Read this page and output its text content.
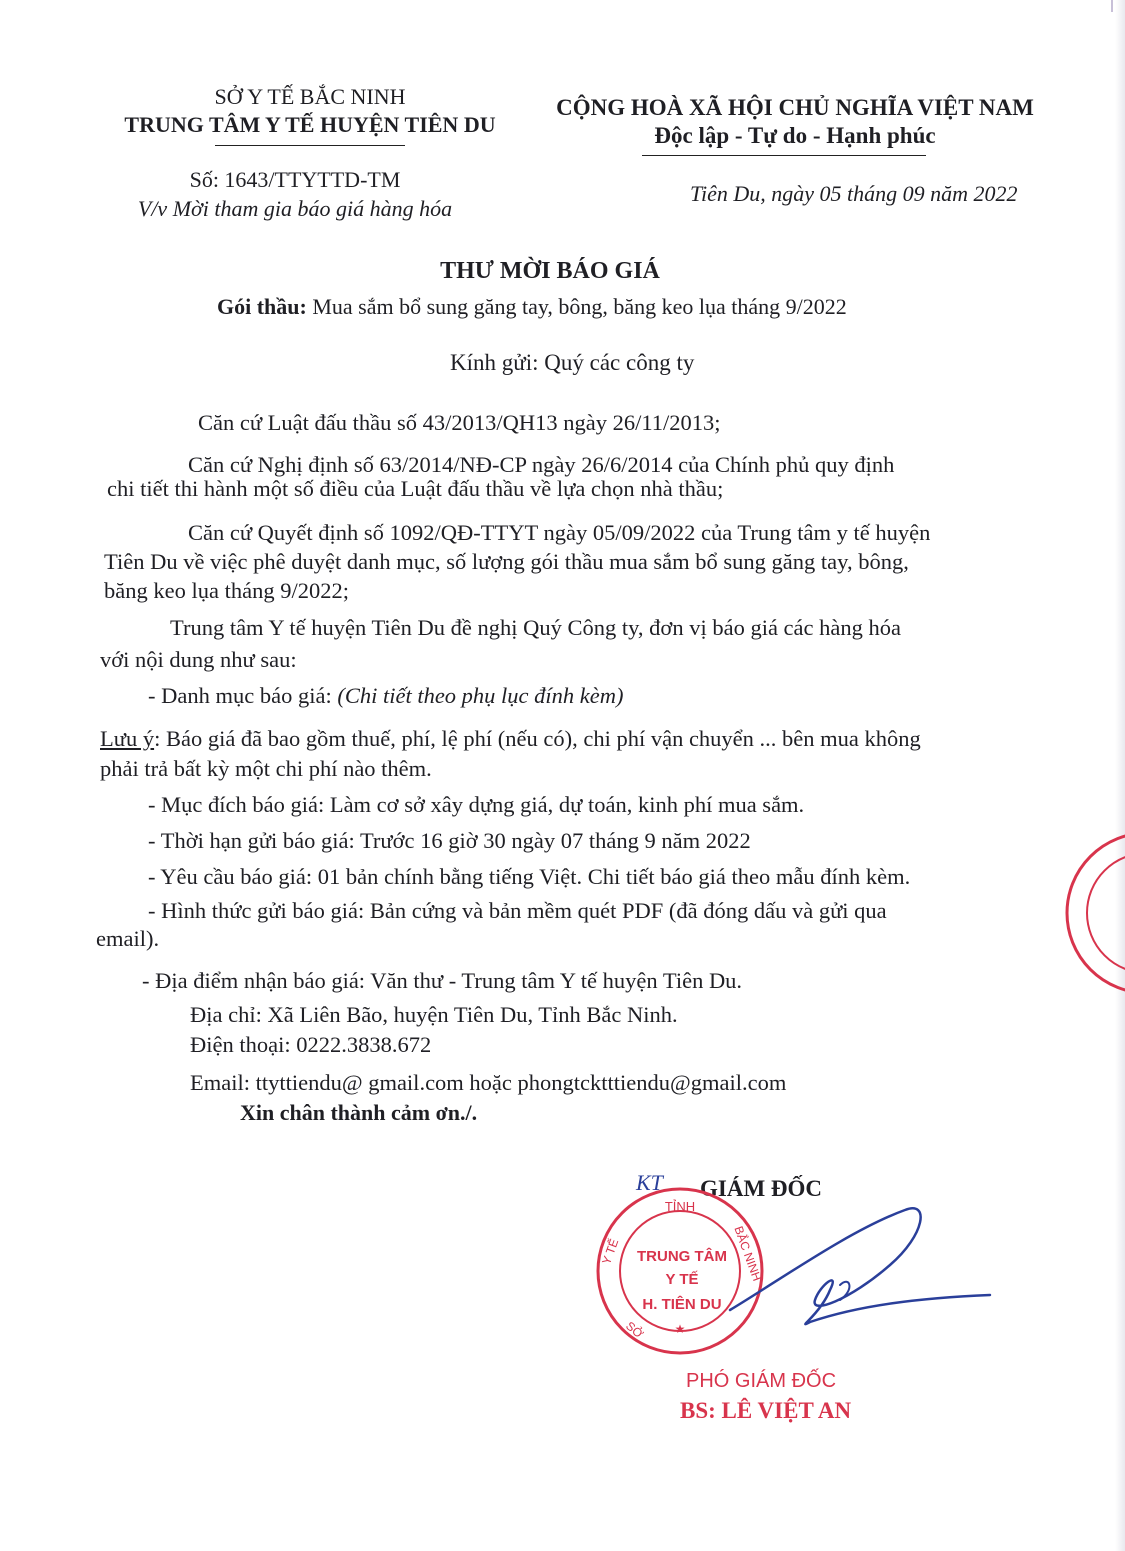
SỞ Y TẾ BẮC NINH
TRUNG TÂM Y TẾ HUYỆN TIÊN DU
Số: 1643/TTYTTD-TM
V/v Mời tham gia báo giá hàng hóa
CỘNG HOÀ XÃ HỘI CHỦ NGHĨA VIỆT NAM
Độc lập - Tự do - Hạnh phúc
Tiên Du, ngày 05 tháng 09 năm 2022
THƯ MỜI BÁO GIÁ
Gói thầu: Mua sắm bổ sung găng tay, bông, băng keo lụa tháng 9/2022
Kính gửi: Quý các công ty
Căn cứ Luật đấu thầu số 43/2013/QH13 ngày 26/11/2013;
Căn cứ Nghị định số 63/2014/NĐ-CP ngày 26/6/2014 của Chính phủ quy định
chi tiết thi hành một số điều của Luật đấu thầu về lựa chọn nhà thầu;
Căn cứ Quyết định số 1092/QĐ-TTYT ngày 05/09/2022 của Trung tâm y tế huyện
Tiên Du về việc phê duyệt danh mục, số lượng gói thầu mua sắm bổ sung găng tay, bông,
băng keo lụa tháng 9/2022;
Trung tâm Y tế huyện Tiên Du đề nghị Quý Công ty, đơn vị báo giá các hàng hóa
với nội dung như sau:
- Danh mục báo giá: (Chi tiết theo phụ lục đính kèm)
Lưu ý: Báo giá đã bao gồm thuế, phí, lệ phí (nếu có), chi phí vận chuyển ... bên mua không
phải trả bất kỳ một chi phí nào thêm.
- Mục đích báo giá: Làm cơ sở xây dựng giá, dự toán, kinh phí mua sắm.
- Thời hạn gửi báo giá: Trước 16 giờ 30 ngày 07 tháng 9 năm 2022
- Yêu cầu báo giá: 01 bản chính bằng tiếng Việt. Chi tiết báo giá theo mẫu đính kèm.
- Hình thức gửi báo giá: Bản cứng và bản mềm quét PDF (đã đóng dấu và gửi qua
email).
- Địa điểm nhận báo giá: Văn thư - Trung tâm Y tế huyện Tiên Du.
Địa chỉ: Xã Liên Bão, huyện Tiên Du, Tỉnh Bắc Ninh.
Điện thoại: 0222.3838.672
Email: ttyttiendu@ gmail.com hoặc phongtcktttiendu@gmail.com
Xin chân thành cảm ơn./.
GIÁM ĐỐC
KT
TỈNH
BẮC NINH
Y TẾ
SỞ ★
TRUNG TÂM
Y TẾ
H. TIÊN DU
PHÓ GIÁM ĐỐC
BS: LÊ VIỆT AN
